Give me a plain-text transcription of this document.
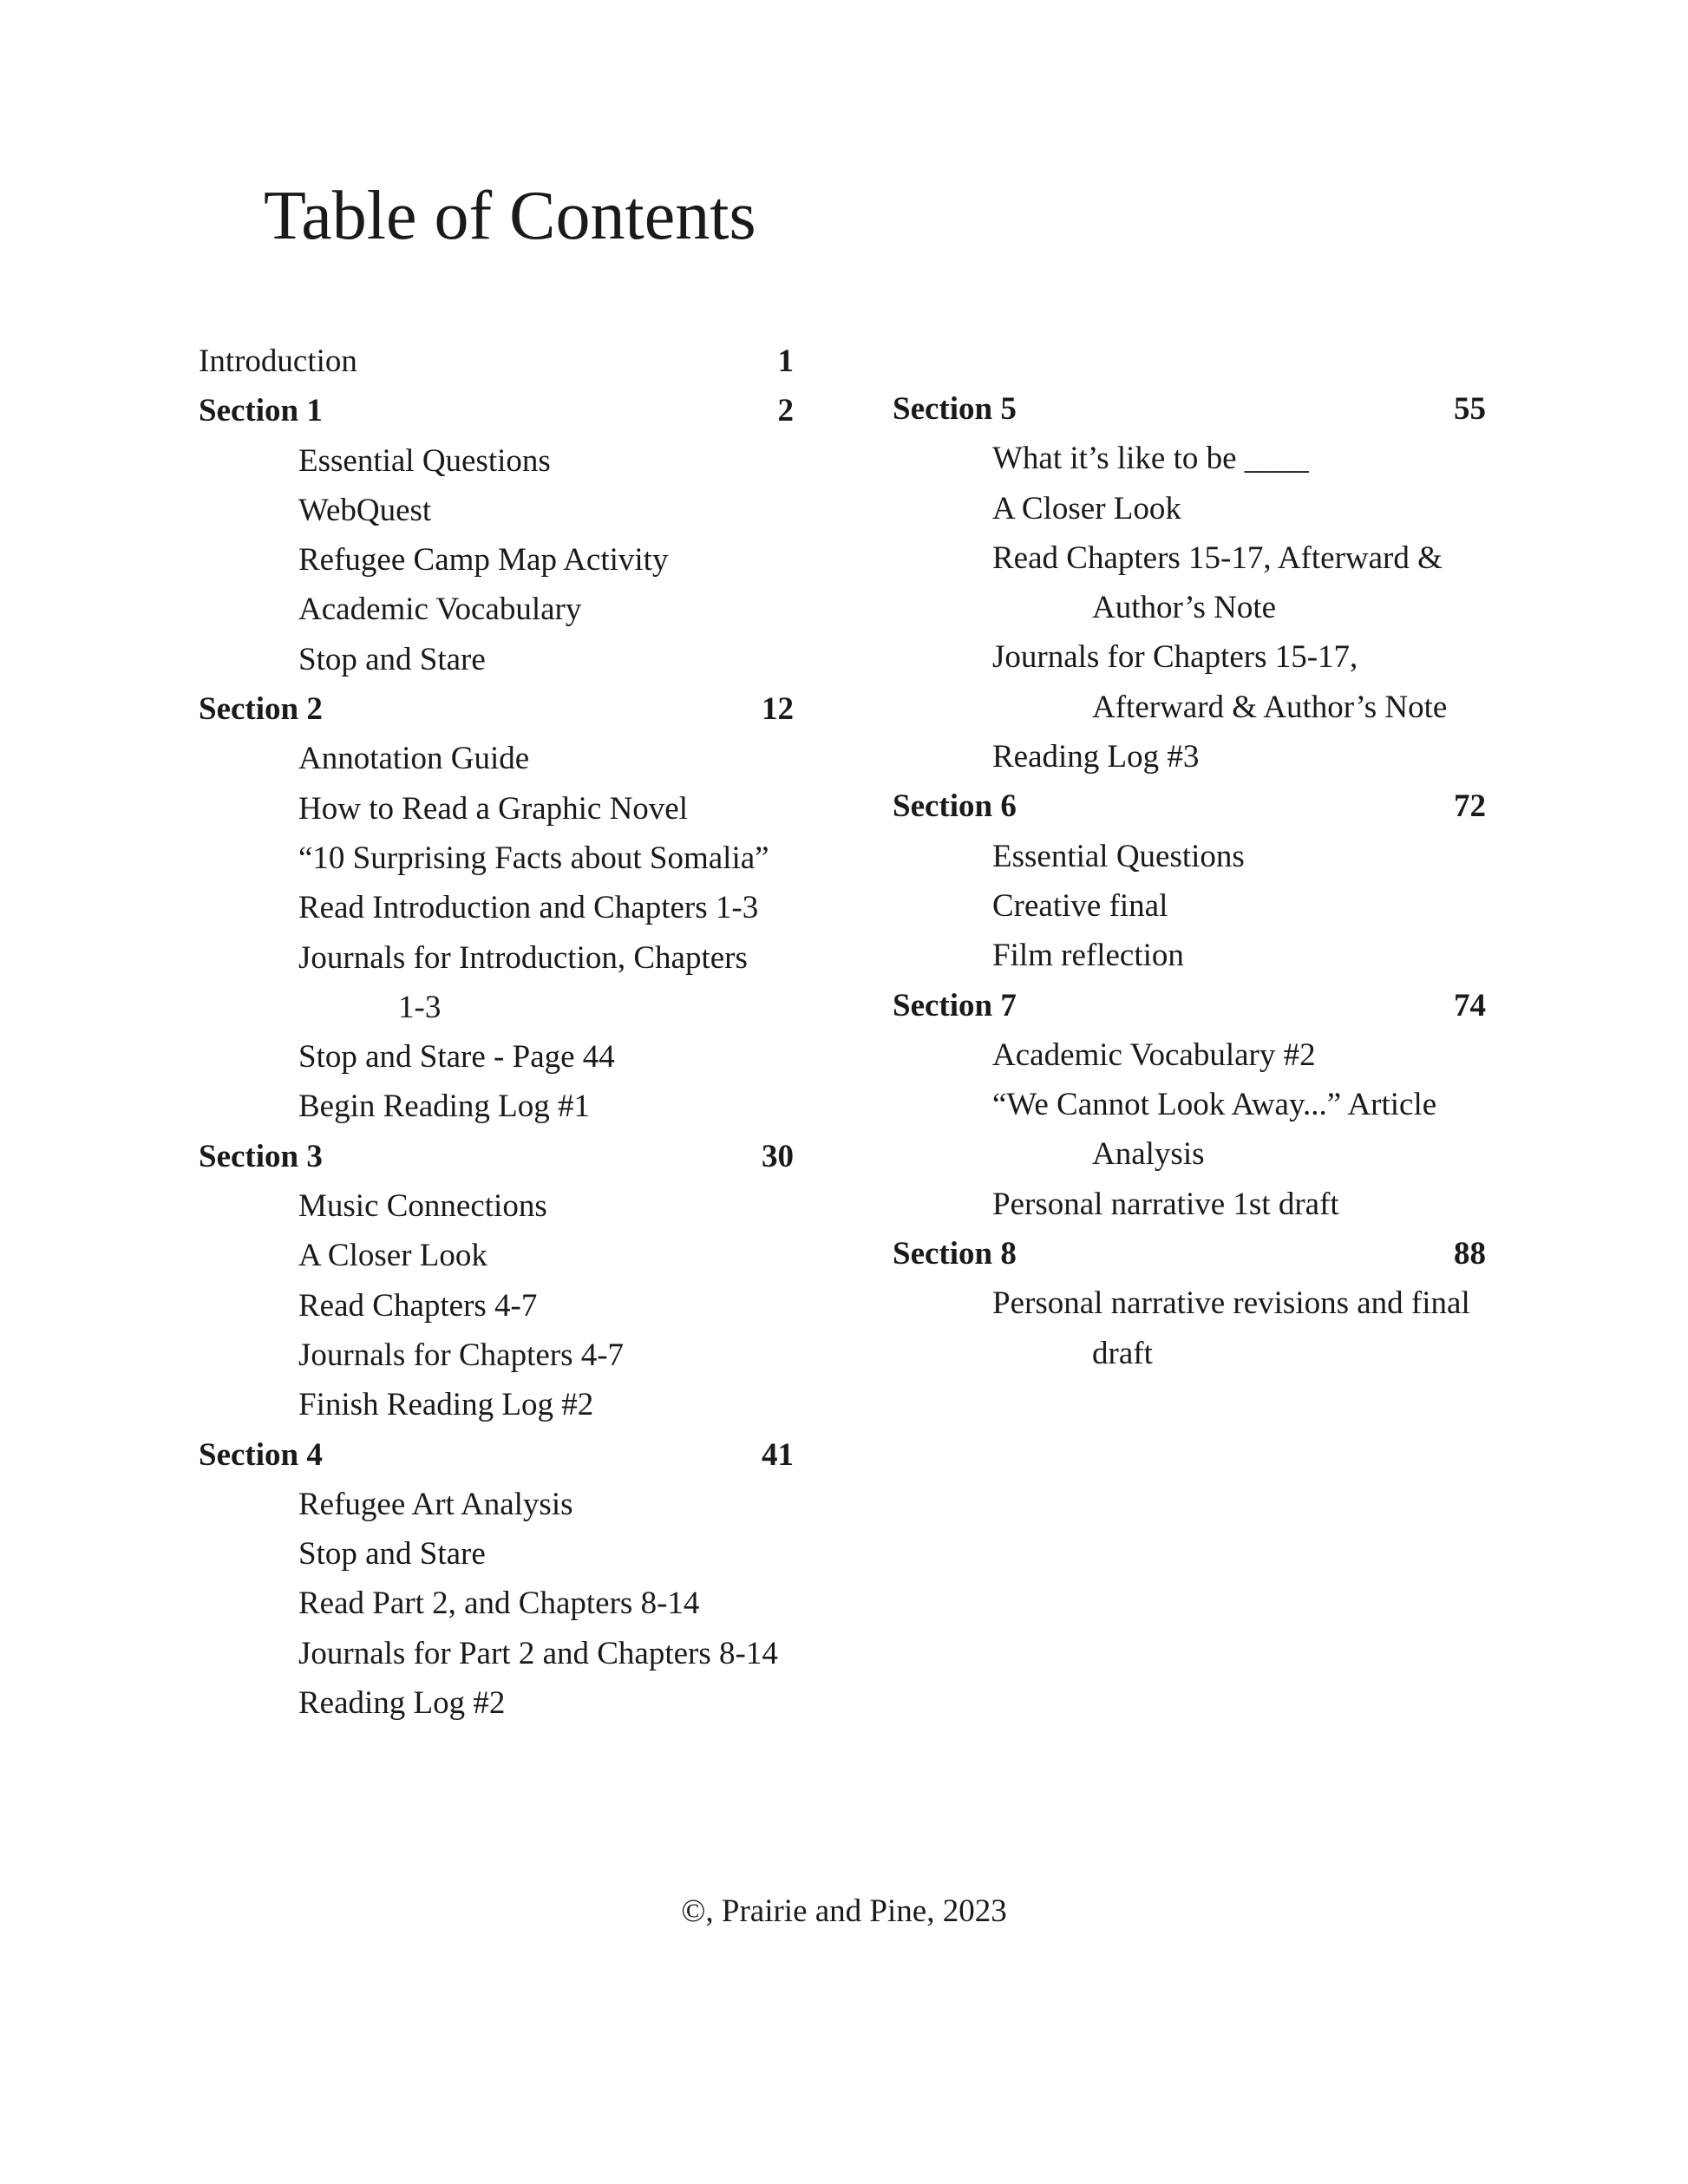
Table of Contents
Introduction	1
Section 1	2
Essential Questions
WebQuest
Refugee Camp Map Activity
Academic Vocabulary
Stop and Stare
Section 2	12
Annotation Guide
How to Read a Graphic Novel
“10 Surprising Facts about Somalia”
Read Introduction and Chapters 1-3
Journals for Introduction, Chapters
1-3
Stop and Stare - Page 44
Begin Reading Log #1
Section 3	30
Music Connections
A Closer Look
Read Chapters 4-7
Journals for Chapters 4-7
Finish Reading Log #2
Section 4	41
Refugee Art Analysis
Stop and Stare
Read Part 2, and Chapters 8-14
Journals for Part 2 and Chapters 8-14
Reading Log #2
Section 5	55
What it’s like to be ____
A Closer Look
Read Chapters 15-17, Afterward &
Author’s Note
Journals for Chapters 15-17,
Afterward & Author’s Note
Reading Log #3
Section 6	72
Essential Questions
Creative final
Film reflection
Section 7	74
Academic Vocabulary #2
“We Cannot Look Away...” Article
Analysis
Personal narrative 1st draft
Section 8	88
Personal narrative revisions and final
draft
©, Prairie and Pine, 2023
